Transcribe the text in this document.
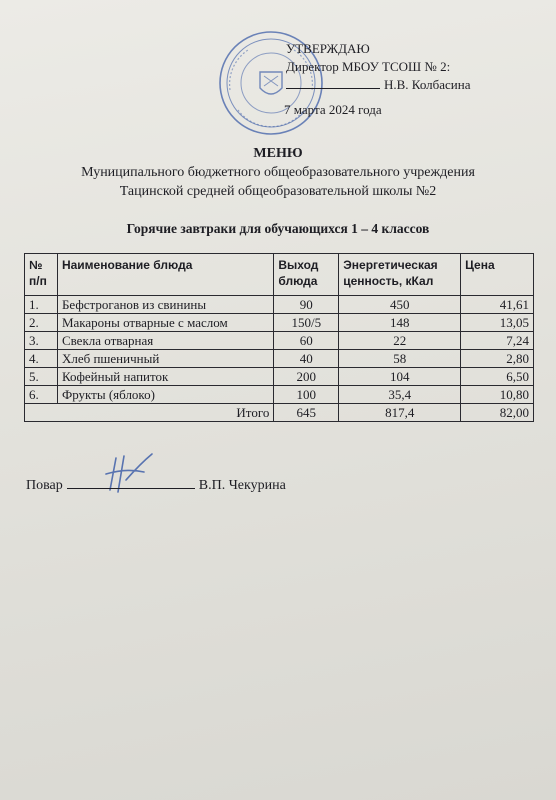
УТВЕРЖДАЮ
Директор МБОУ ТСОШ № 2:
Н.В. Колбасина
7 марта 2024 года
МЕНЮ
Муниципального бюджетного общеобразовательного учреждения
Тацинской средней общеобразовательной школы №2
Горячие завтраки для обучающихся 1 – 4 классов
№ п/п	Наименование блюда	Выход блюда	Энергетическая ценность, кКал	Цена
1.	Бефстроганов из свинины	90	450	41,61
2.	Макароны отварные с маслом	150/5	148	13,05
3.	Свекла отварная	60	22	7,24
4.	Хлеб пшеничный	40	58	2,80
5.	Кофейный напиток	200	104	6,50
6.	Фрукты (яблоко)	100	35,4	10,80
Итого		645	817,4	82,00
Повар	В.П. Чекурина
